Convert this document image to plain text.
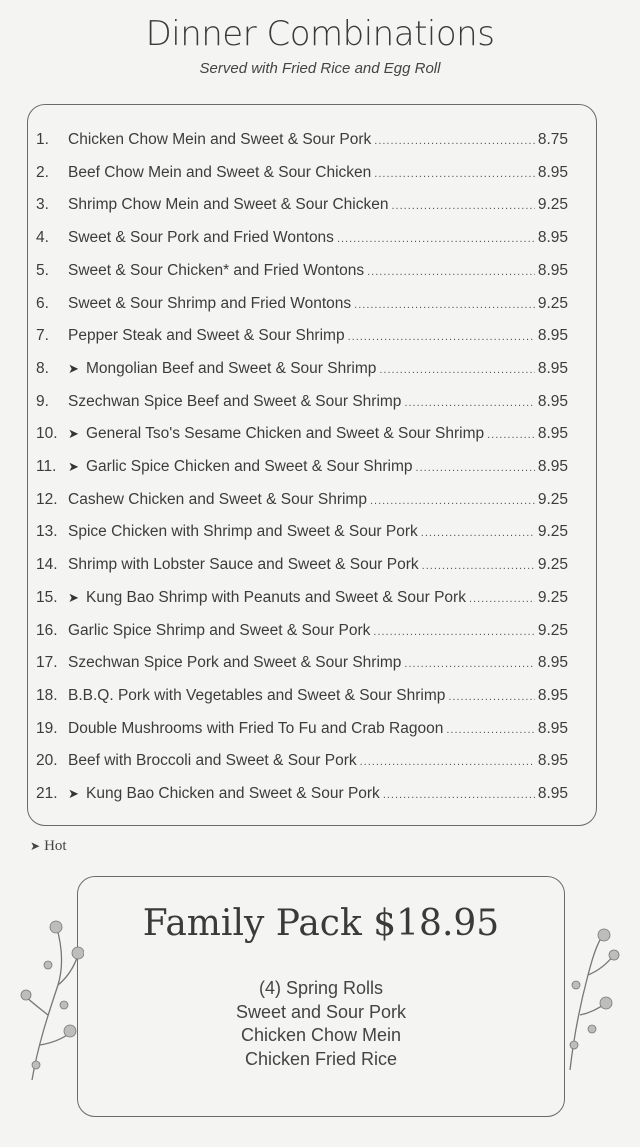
Dinner Combinations
Served with Fried Rice and Egg Roll
1.	Chicken Chow Mein and Sweet & Sour Pork .....	8.75
2.	Beef Chow Mein and Sweet & Sour Chicken .....	8.95
3.	Shrimp Chow Mein and Sweet & Sour Chicken .....	9.25
4.	Sweet & Sour Pork and Fried Wontons .....	8.95
5.	Sweet & Sour Chicken* and Fried Wontons .....	8.95
6.	Sweet & Sour Shrimp and Fried Wontons .....	9.25
7.	Pepper Steak and Sweet & Sour Shrimp .....	8.95
8.	➤ Mongolian Beef and Sweet & Sour Shrimp .....	8.95
9.	Szechwan Spice Beef and Sweet & Sour Shrimp .....	8.95
10. ➤ General Tso's Sesame Chicken and Sweet & Sour Shrimp .....	8.95
11. ➤ Garlic Spice Chicken and Sweet & Sour Shrimp .....	8.95
12. Cashew Chicken and Sweet & Sour Shrimp .....	9.25
13. Spice Chicken with Shrimp and Sweet & Sour Pork .....	9.25
14. Shrimp with Lobster Sauce and Sweet & Sour Pork .....	9.25
15. ➤ Kung Bao Shrimp with Peanuts and Sweet & Sour Pork .....	9.25
16. Garlic Spice Shrimp and Sweet & Sour Pork .....	9.25
17. Szechwan Spice Pork and Sweet & Sour Shrimp .....	8.95
18. B.B.Q. Pork with Vegetables and Sweet & Sour Shrimp .....	8.95
19. Double Mushrooms with Fried To Fu and Crab Ragoon .....	8.95
20. Beef with Broccoli and Sweet & Sour Pork .....	8.95
21. ➤ Kung Bao Chicken and Sweet & Sour Pork .....	8.95
➤ Hot
Family Pack $18.95
(4) Spring Rolls
Sweet and Sour Pork
Chicken Chow Mein
Chicken Fried Rice
